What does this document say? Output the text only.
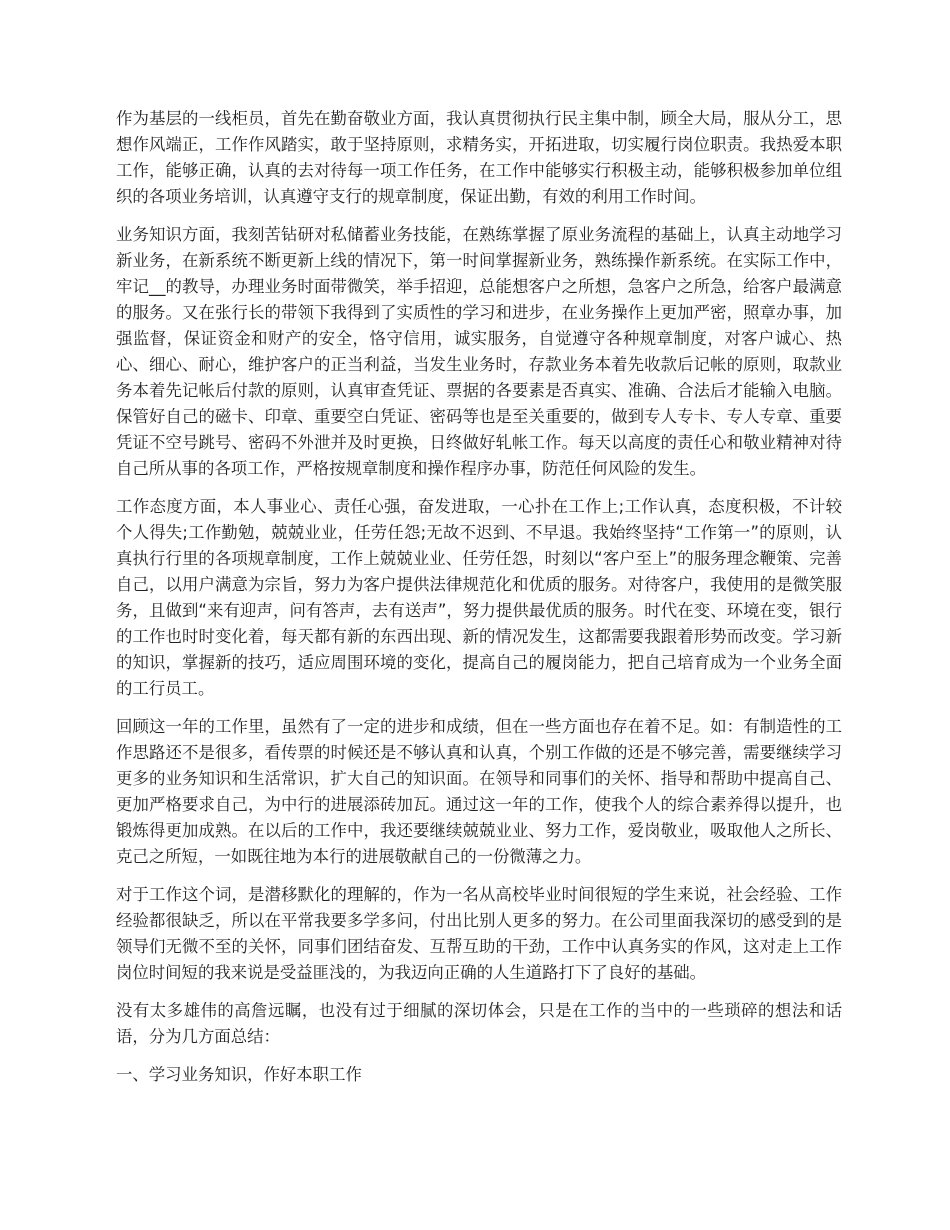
作为基层的一线柜员，首先在勤奋敬业方面，我认真贯彻执行民主集中制，顾全大局，服从分工，思想作风端正，工作作风踏实，敢于坚持原则，求精务实，开拓进取，切实履行岗位职责。我热爱本职工作，能够正确，认真的去对待每一项工作任务，在工作中能够实行积极主动，能够积极参加单位组织的各项业务培训，认真遵守支行的规章制度，保证出勤，有效的利用工作时间。

业务知识方面，我刻苦钻研对私储蓄业务技能，在熟练掌握了原业务流程的基础上，认真主动地学习新业务，在新系统不断更新上线的情况下，第一时间掌握新业务，熟练操作新系统。在实际工作中，牢记__的教导，办理业务时面带微笑，举手招迎，总能想客户之所想，急客户之所急，给客户最满意的服务。又在张行长的带领下我得到了实质性的学习和进步，在业务操作上更加严密，照章办事，加强监督，保证资金和财产的安全，恪守信用，诚实服务，自觉遵守各种规章制度，对客户诚心、热心、细心、耐心，维护客户的正当利益，当发生业务时，存款业务本着先收款后记帐的原则，取款业务本着先记帐后付款的原则，认真审查凭证、票据的各要素是否真实、准确、合法后才能输入电脑。保管好自己的磁卡、印章、重要空白凭证、密码等也是至关重要的，做到专人专卡、专人专章、重要凭证不空号跳号、密码不外泄并及时更换，日终做好轧帐工作。每天以高度的责任心和敬业精神对待自己所从事的各项工作，严格按规章制度和操作程序办事，防范任何风险的发生。

工作态度方面，本人事业心、责任心强，奋发进取，一心扑在工作上;工作认真，态度积极，不计较个人得失;工作勤勉，兢兢业业，任劳任怨;无故不迟到、不早退。我始终坚持“工作第一”的原则，认真执行行里的各项规章制度，工作上兢兢业业、任劳任怨，时刻以“客户至上”的服务理念鞭策、完善自己，以用户满意为宗旨，努力为客户提供法律规范化和优质的服务。对待客户，我使用的是微笑服务，且做到“来有迎声，问有答声，去有送声”，努力提供最优质的服务。时代在变、环境在变，银行的工作也时时变化着，每天都有新的东西出现、新的情况发生，这都需要我跟着形势而改变。学习新的知识，掌握新的技巧，适应周围环境的变化，提高自己的履岗能力，把自己培育成为一个业务全面的工行员工。

回顾这一年的工作里，虽然有了一定的进步和成绩，但在一些方面也存在着不足。如：有制造性的工作思路还不是很多，看传票的时候还是不够认真和认真，个别工作做的还是不够完善，需要继续学习更多的业务知识和生活常识，扩大自己的知识面。在领导和同事们的关怀、指导和帮助中提高自己、更加严格要求自己，为中行的进展添砖加瓦。通过这一年的工作，使我个人的综合素养得以提升，也锻炼得更加成熟。在以后的工作中，我还要继续兢兢业业、努力工作，爱岗敬业，吸取他人之所长、克己之所短，一如既往地为本行的进展敬献自己的一份微薄之力。

对于工作这个词，是潜移默化的理解的，作为一名从高校毕业时间很短的学生来说，社会经验、工作经验都很缺乏，所以在平常我要多学多问，付出比别人更多的努力。在公司里面我深切的感受到的是领导们无微不至的关怀，同事们团结奋发、互帮互助的干劲，工作中认真务实的作风，这对走上工作岗位时间短的我来说是受益匪浅的，为我迈向正确的人生道路打下了良好的基础。

没有太多雄伟的高詹远瞩，也没有过于细腻的深切体会，只是在工作的当中的一些琐碎的想法和话语，分为几方面总结：

一、学习业务知识，作好本职工作
